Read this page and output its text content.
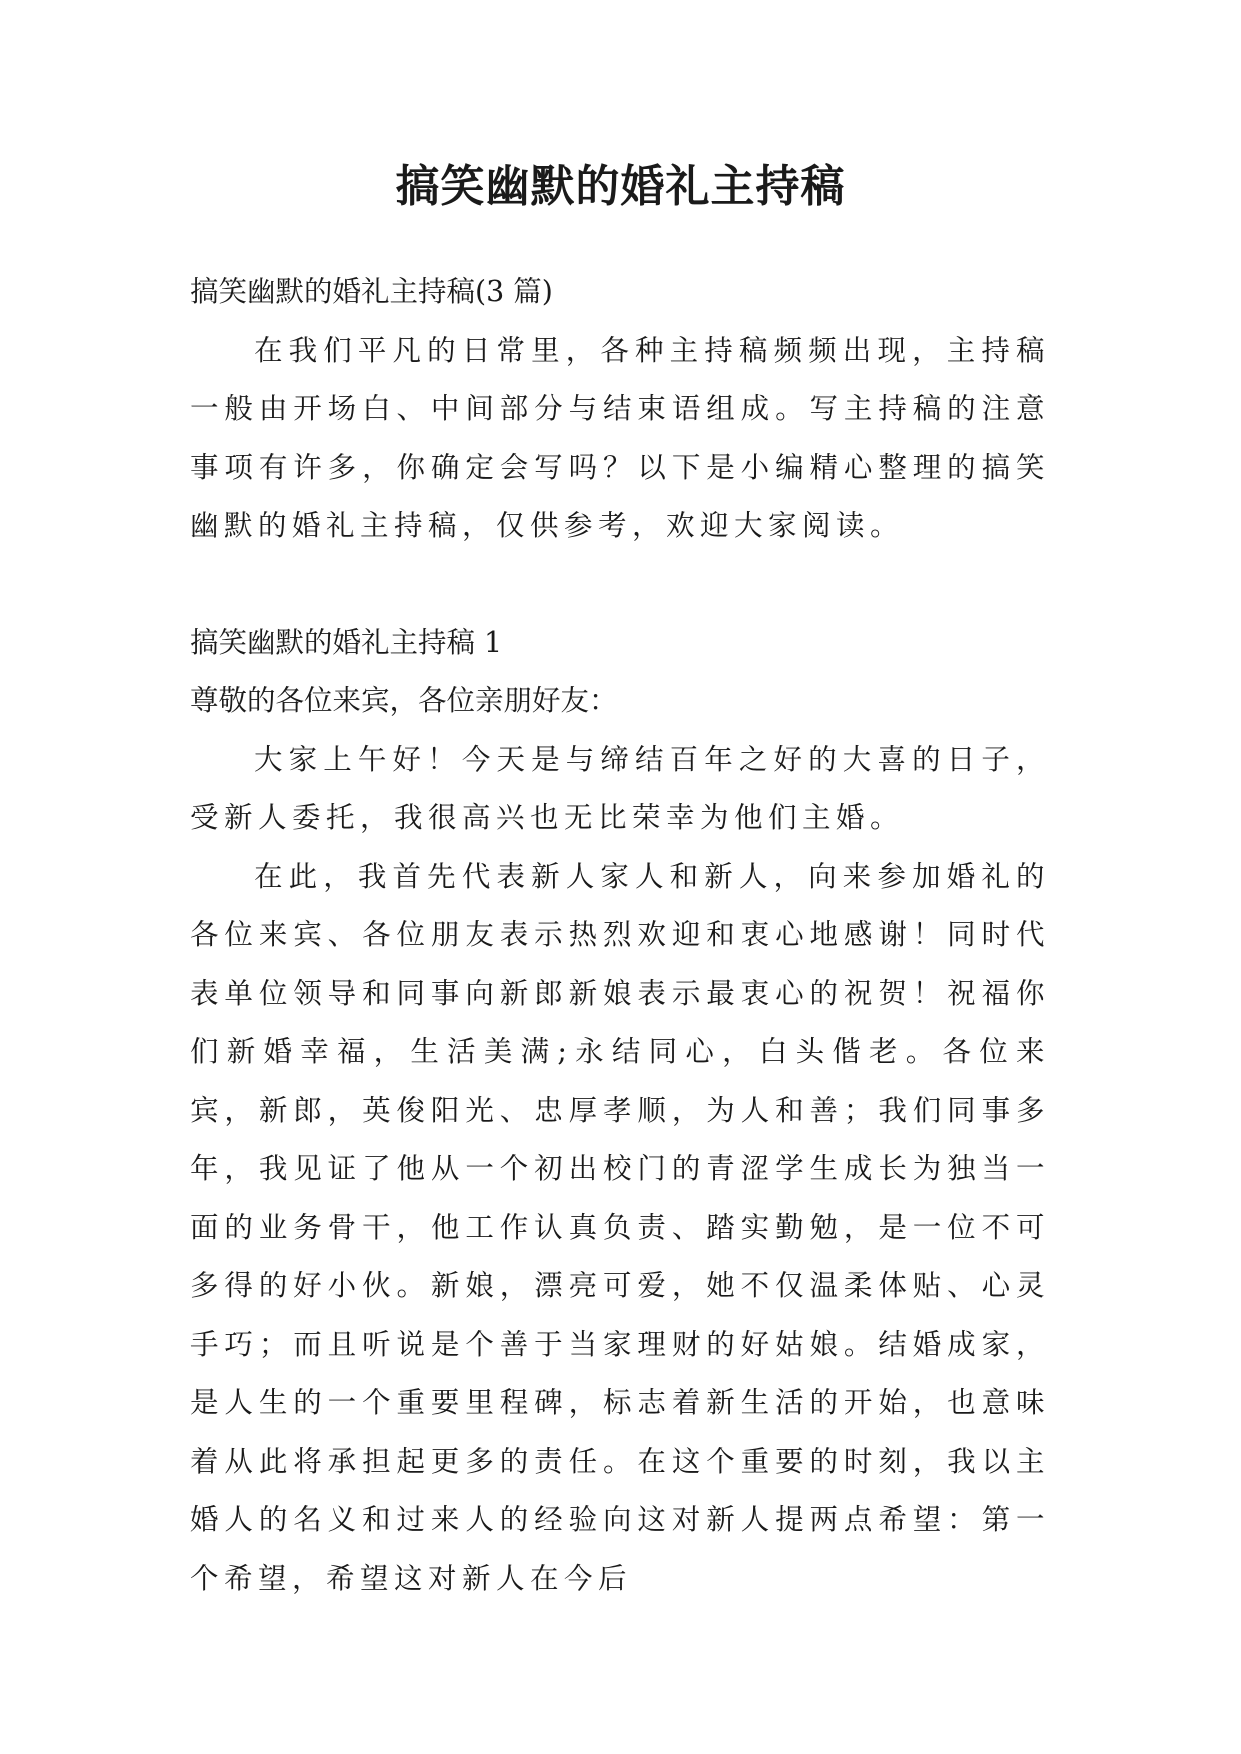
搞笑幽默的婚礼主持稿

搞笑幽默的婚礼主持稿(3 篇)

在我们平凡的日常里，各种主持稿频频出现，主持稿一般由开场白、中间部分与结束语组成。写主持稿的注意事项有许多，你确定会写吗？以下是小编精心整理的搞笑幽默的婚礼主持稿，仅供参考，欢迎大家阅读。

搞笑幽默的婚礼主持稿 1

尊敬的各位来宾，各位亲朋好友：

大家上午好！今天是与缔结百年之好的大喜的日子，受新人委托，我很高兴也无比荣幸为他们主婚。

在此，我首先代表新人家人和新人，向来参加婚礼的各位来宾、各位朋友表示热烈欢迎和衷心地感谢！同时代表单位领导和同事向新郎新娘表示最衷心的祝贺！祝福你们新婚幸福，生活美满;永结同心，白头偕老。各位来宾，新郎，英俊阳光、忠厚孝顺，为人和善；我们同事多年，我见证了他从一个初出校门的青涩学生成长为独当一面的业务骨干，他工作认真负责、踏实勤勉，是一位不可多得的好小伙。新娘，漂亮可爱，她不仅温柔体贴、心灵手巧；而且听说是个善于当家理财的好姑娘。结婚成家，是人生的一个重要里程碑，标志着新生活的开始，也意味着从此将承担起更多的责任。在这个重要的时刻，我以主婚人的名义和过来人的经验向这对新人提两点希望：第一个希望，希望这对新人在今后
